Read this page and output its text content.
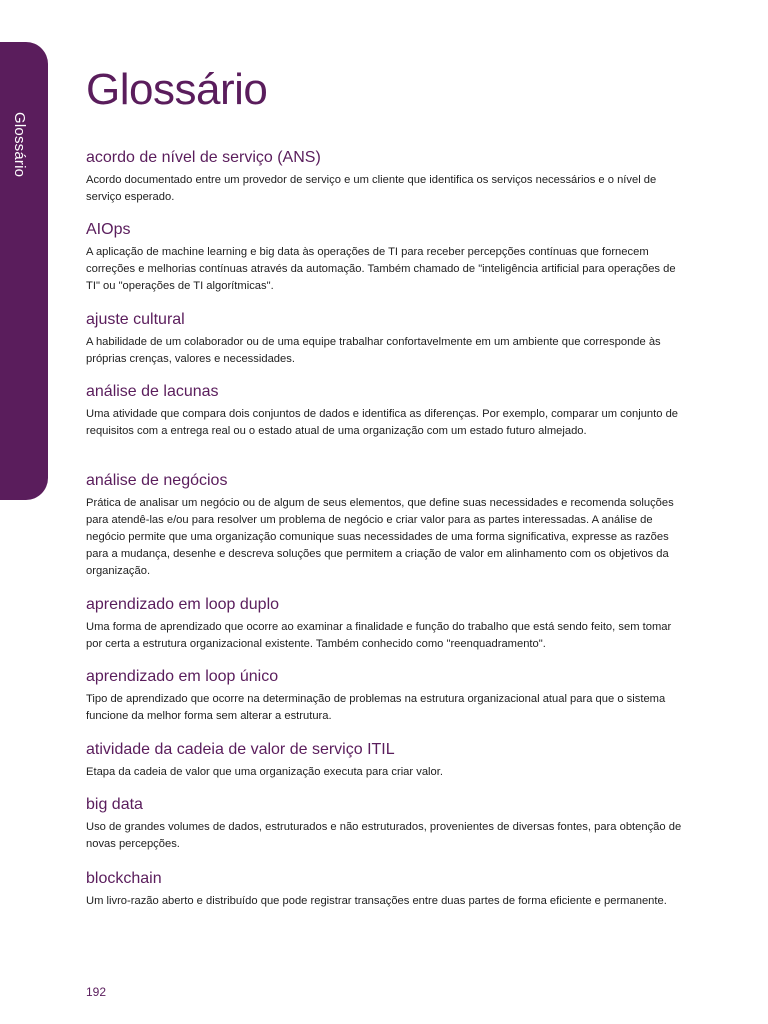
Glossário
Glossário
acordo de nível de serviço (ANS)

Acordo documentado entre um provedor de serviço e um cliente que identifica os serviços necessários e o nível de serviço esperado.

AIOps

A aplicação de machine learning e big data às operações de TI para receber percepções contínuas que fornecem correções e melhorias contínuas através da automação. Também chamado de "inteligência artificial para operações de TI" ou "operações de TI algorítmicas".

ajuste cultural

A habilidade de um colaborador ou de uma equipe trabalhar confortavelmente em um ambiente que corresponde às próprias crenças, valores e necessidades.

análise de lacunas

Uma atividade que compara dois conjuntos de dados e identifica as diferenças. Por exemplo, comparar um conjunto de requisitos com a entrega real ou o estado atual de uma organização com um estado futuro almejado.

análise de negócios

Prática de analisar um negócio ou de algum de seus elementos, que define suas necessidades e recomenda soluções para atendê-las e/ou para resolver um problema de negócio e criar valor para as partes interessadas. A análise de negócio permite que uma organização comunique suas necessidades de uma forma significativa, expresse as razões para a mudança, desenhe e descreva soluções que permitem a criação de valor em alinhamento com os objetivos da organização.

aprendizado em loop duplo

Uma forma de aprendizado que ocorre ao examinar a finalidade e função do trabalho que está sendo feito, sem tomar por certa a estrutura organizacional existente. Também conhecido como "reenquadramento".

aprendizado em loop único

Tipo de aprendizado que ocorre na determinação de problemas na estrutura organizacional atual para que o sistema funcione da melhor forma sem alterar a estrutura.

atividade da cadeia de valor de serviço ITIL

Etapa da cadeia de valor que uma organização executa para criar valor.

big data

Uso de grandes volumes de dados, estruturados e não estruturados, provenientes de diversas fontes, para obtenção de novas percepções.

blockchain

Um livro-razão aberto e distribuído que pode registrar transações entre duas partes de forma eficiente e permanente.

192
